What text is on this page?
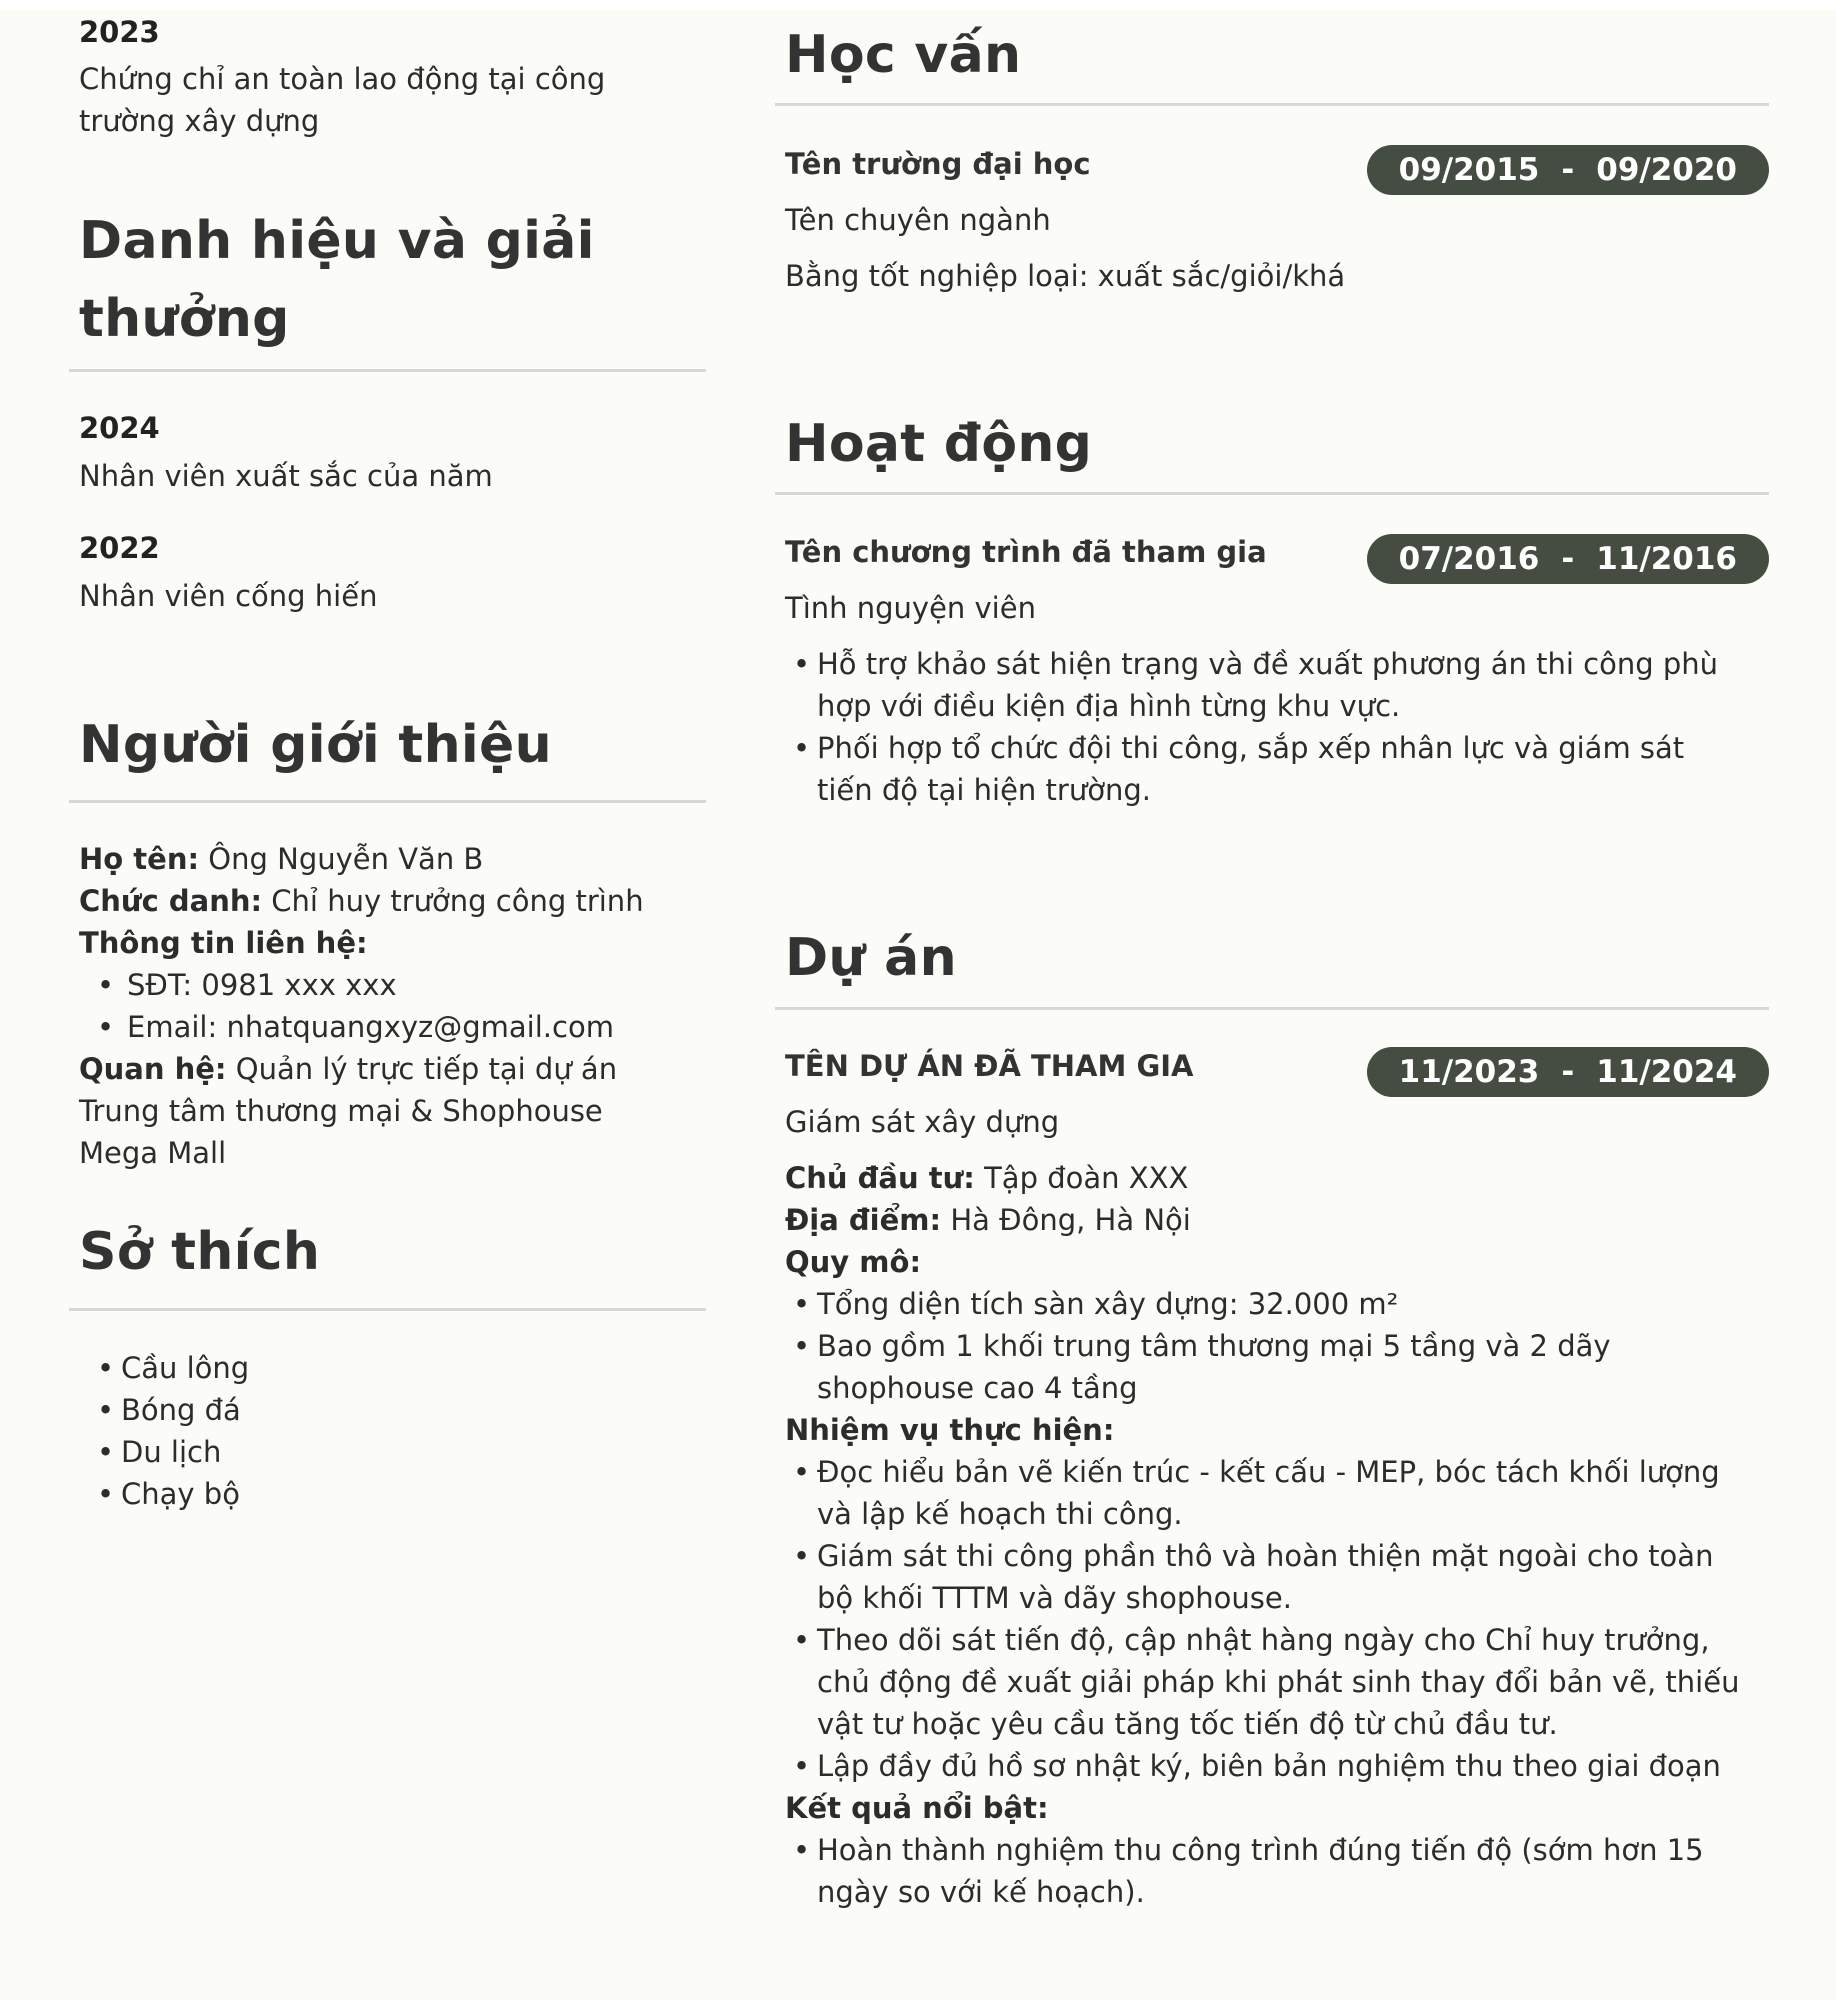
2023
Chứng chỉ an toàn lao động tại công trường xây dựng
Danh hiệu và giải thưởng
2024
Nhân viên xuất sắc của năm
2022
Nhân viên cống hiến
Người giới thiệu
Họ tên: Ông Nguyễn Văn B
Chức danh: Chỉ huy trưởng công trình
Thông tin liên hệ:
• SĐT: 0981 xxx xxx
• Email: nhatquangxyz@gmail.com
Quan hệ: Quản lý trực tiếp tại dự án Trung tâm thương mại & Shophouse Mega Mall
Sở thích
• Cầu lông
• Bóng đá
• Du lịch
• Chạy bộ
Học vấn
Tên trường đại học	09/2015 - 09/2020
Tên chuyên ngành
Bằng tốt nghiệp loại: xuất sắc/giỏi/khá
Hoạt động
Tên chương trình đã tham gia	07/2016 - 11/2016
Tình nguyện viên
• Hỗ trợ khảo sát hiện trạng và đề xuất phương án thi công phù hợp với điều kiện địa hình từng khu vực.
• Phối hợp tổ chức đội thi công, sắp xếp nhân lực và giám sát tiến độ tại hiện trường.
Dự án
TÊN DỰ ÁN ĐÃ THAM GIA	11/2023 - 11/2024
Giám sát xây dựng
Chủ đầu tư: Tập đoàn XXX
Địa điểm: Hà Đông, Hà Nội
Quy mô:
• Tổng diện tích sàn xây dựng: 32.000 m²
• Bao gồm 1 khối trung tâm thương mại 5 tầng và 2 dãy shophouse cao 4 tầng
Nhiệm vụ thực hiện:
• Đọc hiểu bản vẽ kiến trúc - kết cấu - MEP, bóc tách khối lượng và lập kế hoạch thi công.
• Giám sát thi công phần thô và hoàn thiện mặt ngoài cho toàn bộ khối TTTM và dãy shophouse.
• Theo dõi sát tiến độ, cập nhật hàng ngày cho Chỉ huy trưởng, chủ động đề xuất giải pháp khi phát sinh thay đổi bản vẽ, thiếu vật tư hoặc yêu cầu tăng tốc tiến độ từ chủ đầu tư.
• Lập đầy đủ hồ sơ nhật ký, biên bản nghiệm thu theo giai đoạn
Kết quả nổi bật:
• Hoàn thành nghiệm thu công trình đúng tiến độ (sớm hơn 15 ngày so với kế hoạch).
